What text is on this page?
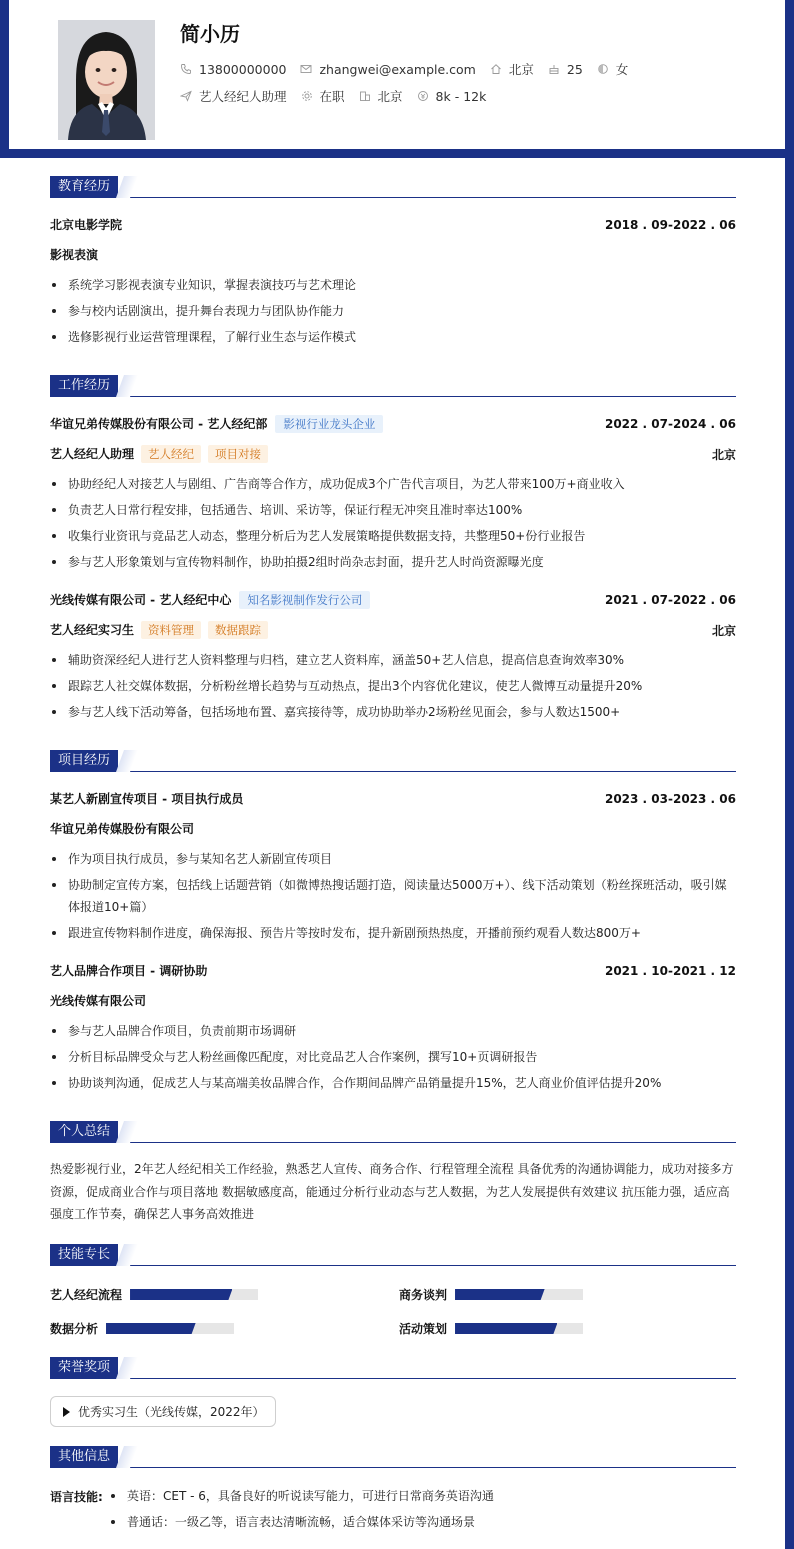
简小历
13800000000	zhangwei@example.com	北京	25	女
艺人经纪人助理	在职	北京	8k - 12k
教育经历
北京电影学院	2018 . 09-2022 . 06
影视表演
系统学习影视表演专业知识，掌握表演技巧与艺术理论
参与校内话剧演出，提升舞台表现力与团队协作能力
选修影视行业运营管理课程，了解行业生态与运作模式
工作经历
华谊兄弟传媒股份有限公司 - 艺人经纪部 影视行业龙头企业	2022 . 07-2024 . 06
艺人经纪人助理 艺人经纪 项目对接	北京
协助经纪人对接艺人与剧组、广告商等合作方，成功促成3个广告代言项目，为艺人带来100万+商业收入
负责艺人日常行程安排，包括通告、培训、采访等，保证行程无冲突且准时率达100%
收集行业资讯与竞品艺人动态，整理分析后为艺人发展策略提供数据支持，共整理50+份行业报告
参与艺人形象策划与宣传物料制作，协助拍摄2组时尚杂志封面，提升艺人时尚资源曝光度
光线传媒有限公司 - 艺人经纪中心 知名影视制作发行公司	2021 . 07-2022 . 06
艺人经纪实习生 资料管理 数据跟踪	北京
辅助资深经纪人进行艺人资料整理与归档，建立艺人资料库，涵盖50+艺人信息，提高信息查询效率30%
跟踪艺人社交媒体数据，分析粉丝增长趋势与互动热点，提出3个内容优化建议，使艺人微博互动量提升20%
参与艺人线下活动筹备，包括场地布置、嘉宾接待等，成功协助举办2场粉丝见面会，参与人数达1500+
项目经历
某艺人新剧宣传项目 - 项目执行成员	2023 . 03-2023 . 06
华谊兄弟传媒股份有限公司
作为项目执行成员，参与某知名艺人新剧宣传项目
协助制定宣传方案，包括线上话题营销（如微博热搜话题打造，阅读量达5000万+）、线下活动策划（粉丝探班活动，吸引媒体报道10+篇）
跟进宣传物料制作进度，确保海报、预告片等按时发布，提升新剧预热热度，开播前预约观看人数达800万+
艺人品牌合作项目 - 调研协助	2021 . 10-2021 . 12
光线传媒有限公司
参与艺人品牌合作项目，负责前期市场调研
分析目标品牌受众与艺人粉丝画像匹配度，对比竞品艺人合作案例，撰写10+页调研报告
协助谈判沟通，促成艺人与某高端美妆品牌合作，合作期间品牌产品销量提升15%，艺人商业价值评估提升20%
个人总结
热爱影视行业，2年艺人经纪相关工作经验，熟悉艺人宣传、商务合作、行程管理全流程 具备优秀的沟通协调能力，成功对接多方资源，促成商业合作与项目落地 数据敏感度高，能通过分析行业动态与艺人数据，为艺人发展提供有效建议 抗压能力强，适应高强度工作节奏，确保艺人事务高效推进
技能专长
艺人经纪流程	商务谈判
数据分析	活动策划
荣誉奖项
优秀实习生（光线传媒，2022年）
其他信息
语言技能:	英语：CET - 6，具备良好的听说读写能力，可进行日常商务英语沟通
普通话：一级乙等，语言表达清晰流畅，适合媒体采访等沟通场景
